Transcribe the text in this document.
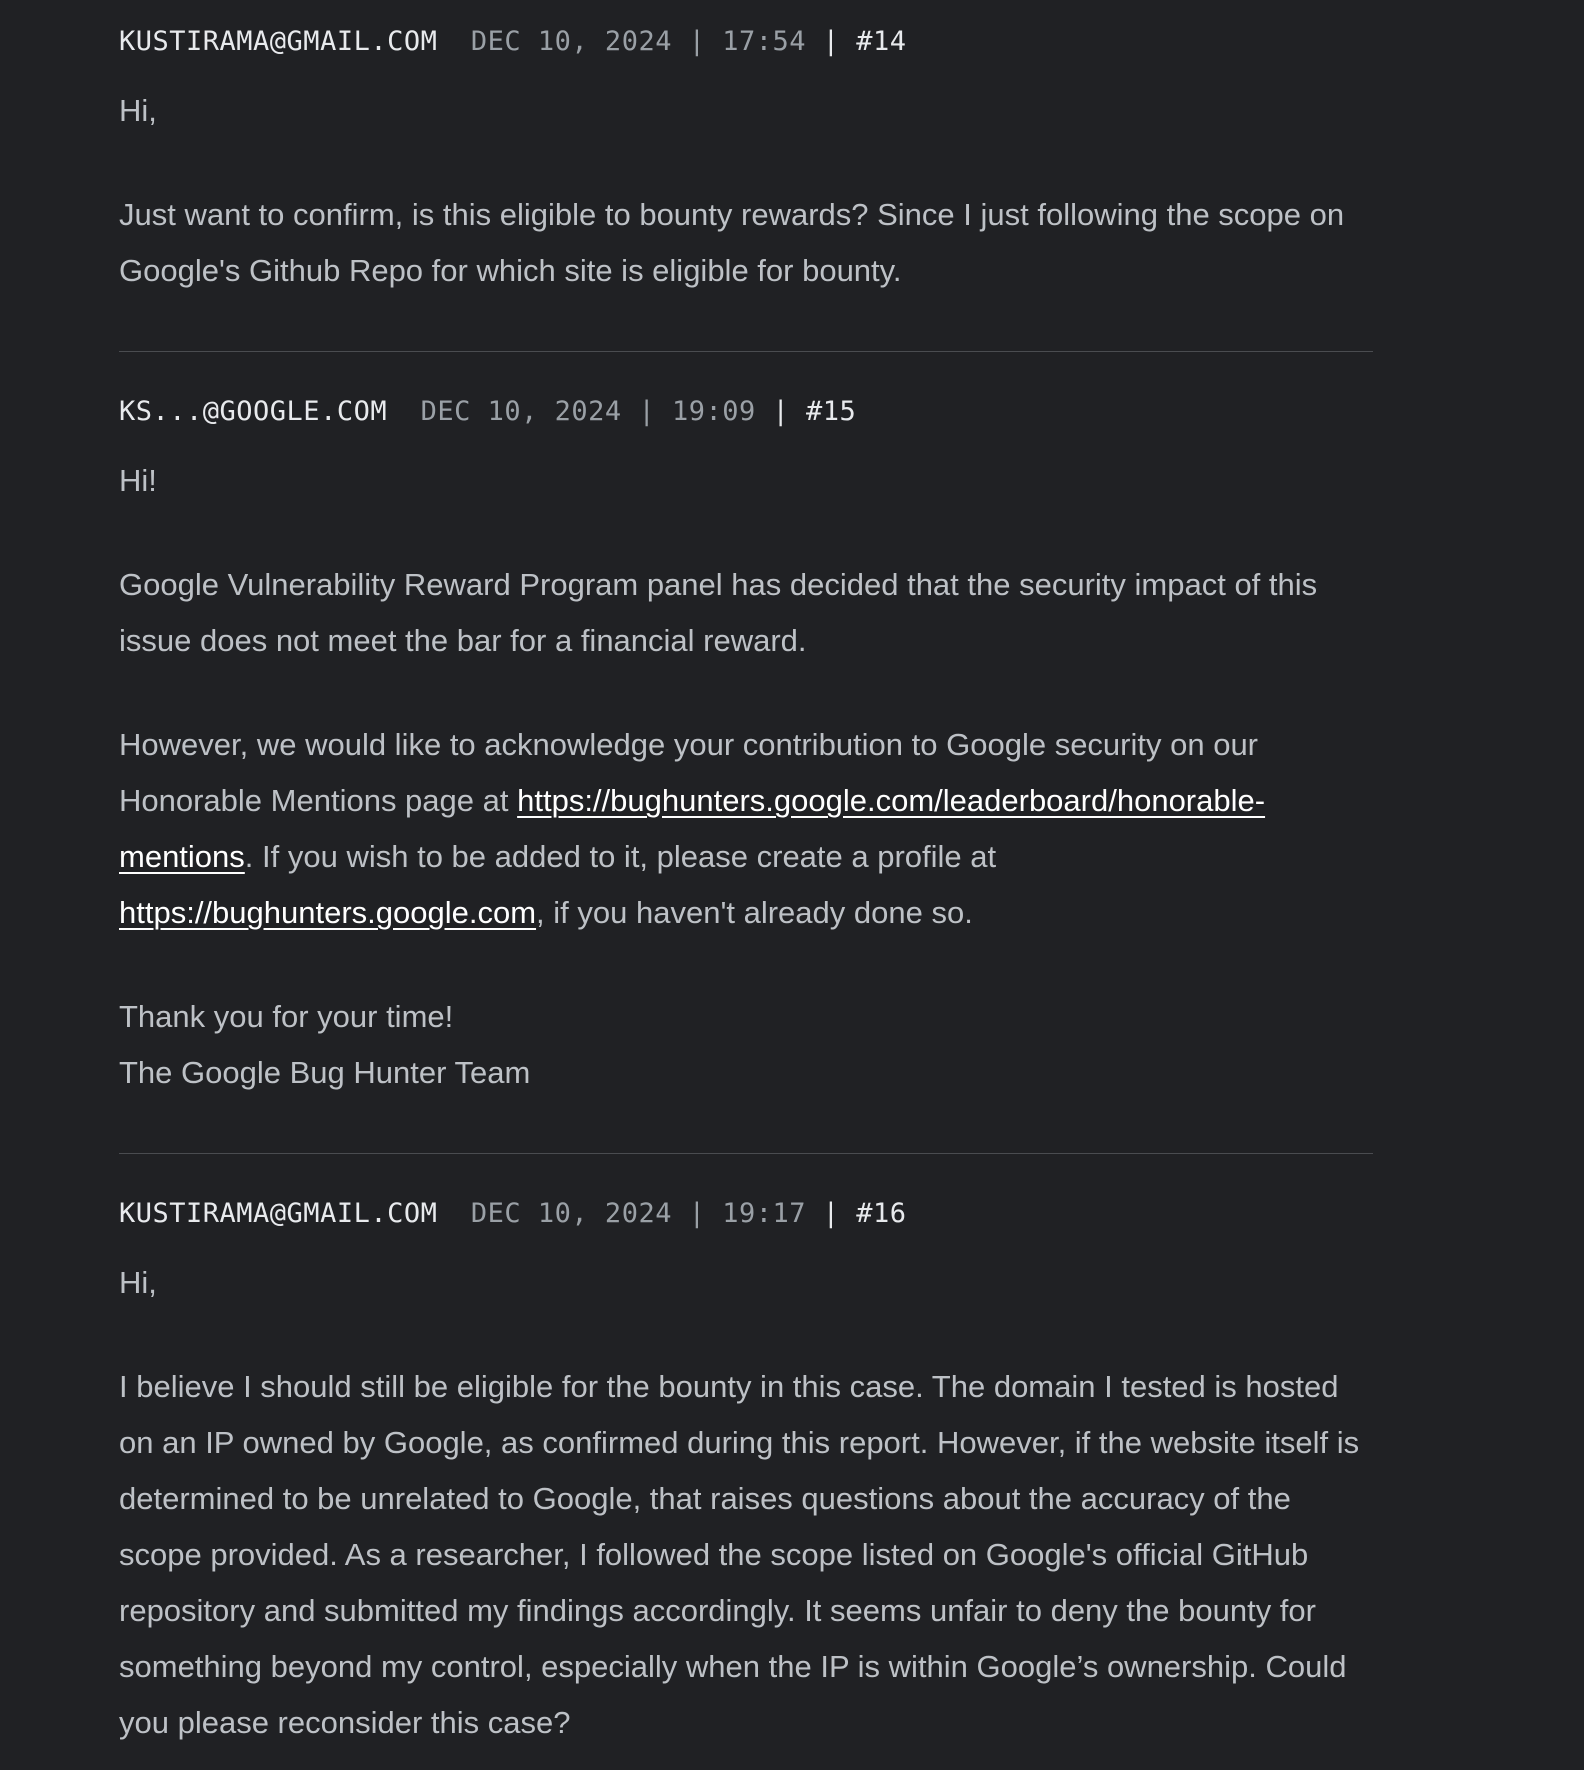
KUSTIRAMA@GMAIL.COM DEC 10, 2024 | 17:54 | #14

Hi,

Just want to confirm, is this eligible to bounty rewards? Since I just following the scope on Google's Github Repo for which site is eligible for bounty.

KS...@GOOGLE.COM DEC 10, 2024 | 19:09 | #15

Hi!

Google Vulnerability Reward Program panel has decided that the security impact of this issue does not meet the bar for a financial reward.

However, we would like to acknowledge your contribution to Google security on our Honorable Mentions page at https://bughunters.google.com/leaderboard/honorable-mentions. If you wish to be added to it, please create a profile at https://bughunters.google.com, if you haven't already done so.

Thank you for your time!

The Google Bug Hunter Team

KUSTIRAMA@GMAIL.COM DEC 10, 2024 | 19:17 | #16

Hi,

I believe I should still be eligible for the bounty in this case. The domain I tested is hosted on an IP owned by Google, as confirmed during this report. However, if the website itself is determined to be unrelated to Google, that raises questions about the accuracy of the scope provided. As a researcher, I followed the scope listed on Google's official GitHub repository and submitted my findings accordingly. It seems unfair to deny the bounty for something beyond my control, especially when the IP is within Google’s ownership. Could you please reconsider this case?
